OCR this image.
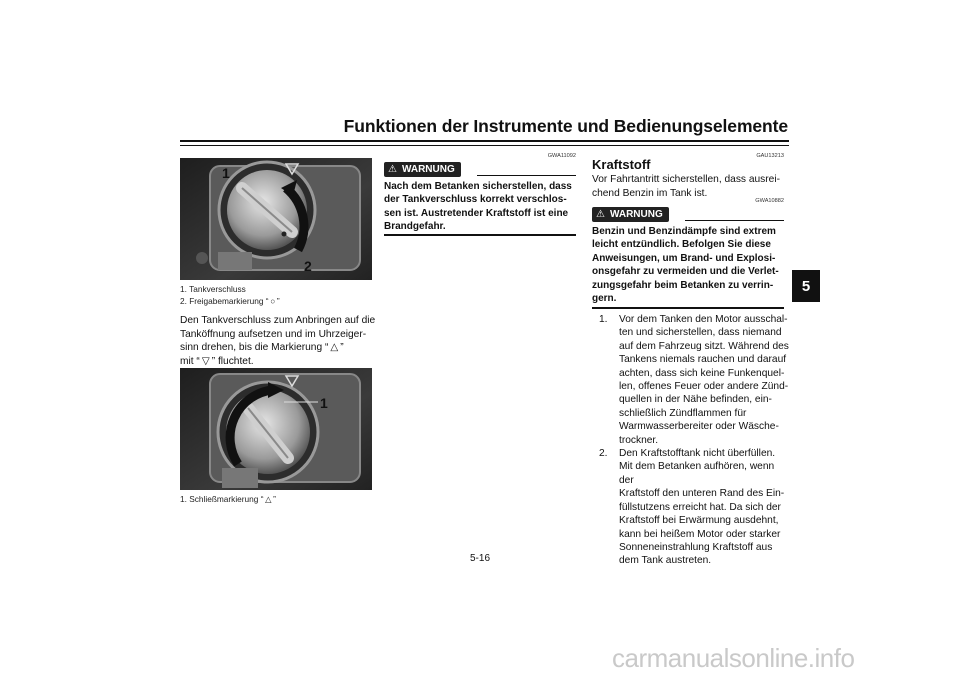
Funktionen der Instrumente und Bedienungselemente
5
1
2
1. Tankverschluss
2. Freigabemarkierung “ ○ ”
Den Tankverschluss zum Anbringen auf die
Tanköffnung aufsetzen und im Uhrzeiger-
sinn drehen, bis die Markierung “ △ ”
mit “ ▽ ” fluchtet.
1
1. Schließmarkierung “ △ ”
GWA11092
⚠ WARNUNG
Nach dem Betanken sicherstellen, dass
der Tankverschluss korrekt verschlos-
sen ist. Austretender Kraftstoff ist eine
Brandgefahr.
GAU13213
Kraftstoff
Vor Fahrtantritt sicherstellen, dass ausrei-
chend Benzin im Tank ist.
GWA10882
⚠ WARNUNG
Benzin und Benzindämpfe sind extrem
leicht entzündlich. Befolgen Sie diese
Anweisungen, um Brand- und Explosi-
onsgefahr zu vermeiden und die Verlet-
zungsgefahr beim Betanken zu verrin-
gern.
1.	Vor dem Tanken den Motor ausschal-
ten und sicherstellen, dass niemand
auf dem Fahrzeug sitzt. Während des
Tankens niemals rauchen und darauf
achten, dass sich keine Funkenquel-
len, offenes Feuer oder andere Zünd-
quellen in der Nähe befinden, ein-
schließlich Zündflammen für
Warmwasserbereiter oder Wäsche-
trockner.
2.	Den Kraftstofftank nicht überfüllen.
Mit dem Betanken aufhören, wenn der
Kraftstoff den unteren Rand des Ein-
füllstutzens erreicht hat. Da sich der
Kraftstoff bei Erwärmung ausdehnt,
kann bei heißem Motor oder starker
Sonneneinstrahlung Kraftstoff aus
dem Tank austreten.
5-16
carmanualsonline.info
